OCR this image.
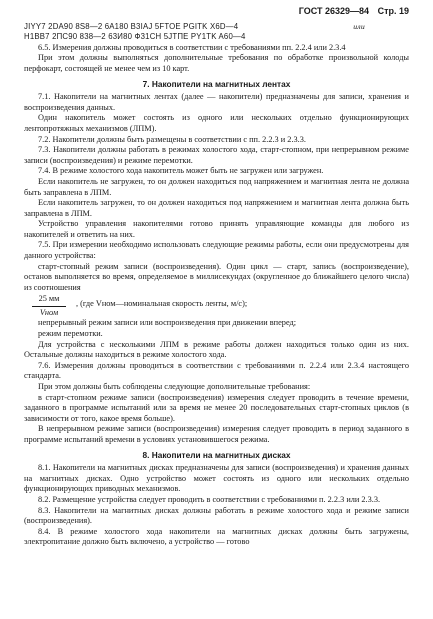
ГОСТ 26329—84 Стр. 19
JIYY7 2DA90 8S8—2 6A180 B3IAJ 5FTOE PGITK X6D—4	или
H1BB7 2ПС90 838—2 63И80 Ф31СН 5JTПE PY1TK A60—4

6.5. Измерения должны проводиться в соответствии с требованиями пп. 2.2.4 или 2.3.4

При этом должны выполняться дополнительные требования по обработке произвольной колоды перфокарт, состоящей не менее чем из 10 карт.

7. Накопители на магнитных лентах

7.1. Накопители на магнитных лентах (далее — накопители) предназначены для записи, хранения и воспроизведения данных.

Один накопитель может состоять из одного или нескольких отдельно функционирующих лентопротяжных механизмов (ЛПМ).

7.2. Накопители должны быть размещены в соответствии с пп. 2.2.3 и 2.3.3.

7.3. Накопители должны работать в режимах холостого хода, старт-стопном, при непрерывном режиме записи (воспроизведения) и режиме перемотки.

7.4. В режиме холостого хода накопитель может быть не загружен или загружен.

Если накопитель не загружен, то он должен находиться под напряжением и магнитная лента не должна быть заправлена в ЛПМ.

Если накопитель загружен, то он должен находиться под напряжением и магнитная лента должна быть заправлена в ЛПМ.

Устройство управления накопителями готово принять управляющие команды для любого из накопителей и ответить на них.

7.5. При измерении необходимо использовать следующие режимы работы, если они предусмотрены для данного устройства:

старт-стопный режим записи (воспроизведения). Один цикл — старт, запись (воспроизведение), останов выполняется во время, определяемое в миллисекундах (округленное до ближайшего целого числа) из соотношения

25 мм
Vном
, (где Vном—номинальная скорость ленты, м/с);

непрерывный режим записи или воспроизведения при движении вперед;

режим перемотки.

Для устройства с несколькими ЛПМ в режиме работы должен находиться только один из них. Остальные должны находиться в режиме холостого хода.

7.6. Измерения должны проводиться в соответствии с требованиями п. 2.2.4 или 2.3.4 настоящего стандарта.

При этом должны быть соблюдены следующие дополнительные требования:

в старт-стопном режиме записи (воспроизведения) измерения следует проводить в течение времени, заданного в программе испытаний или за время не менее 20 последовательных старт-стопных циклов (в зависимости от того, какое время больше).

В непрерывном режиме записи (воспроизведения) измерения следует проводить в период заданного в программе испытаний времени в условиях установившегося режима.

8. Накопители на магнитных дисках

8.1. Накопители на магнитных дисках предназначены для записи (воспроизведения) и хранения данных на магнитных дисках. Одно устройство может состоять из одного или нескольких отдельно функционирующих приводных механизмов.

8.2. Размещение устройства следует проводить в соответствии с требованиями п. 2.2.3 или 2.3.3.

8.3. Накопители на магнитных дисках должны работать в режиме холостого хода и режиме записи (воспроизведения).

8.4. В режиме холостого хода накопители на магнитных дисках должны быть загружены, электропитание должно быть включено, а устройство — готово
